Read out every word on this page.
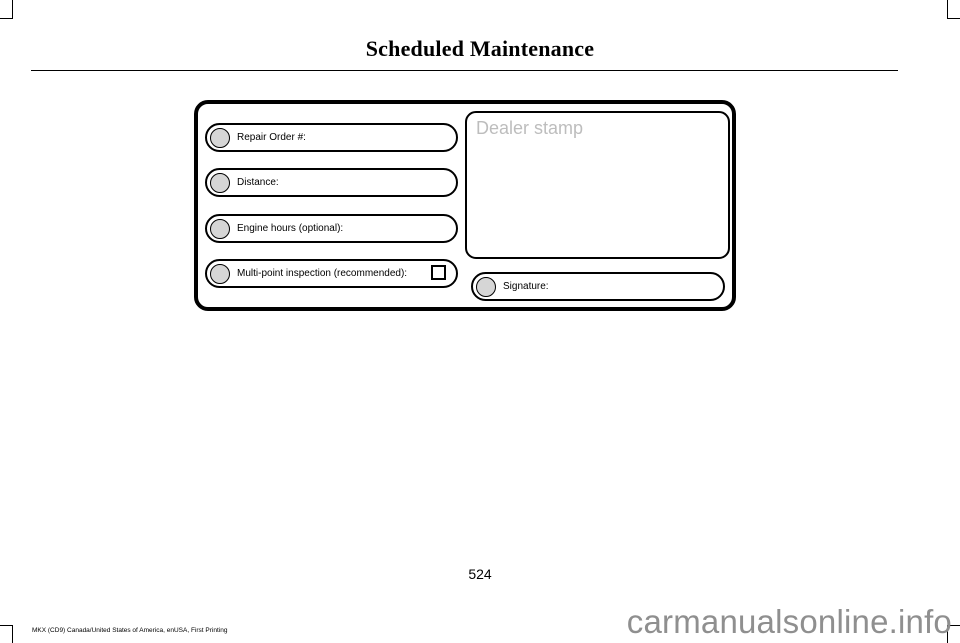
Scheduled Maintenance
Repair Order #:
Distance:
Engine hours (optional):
Multi-point inspection (recommended):
Dealer stamp
Signature:
524
MKX (CD9) Canada/United States of America, enUSA, First Printing	carmanualsonline.info
